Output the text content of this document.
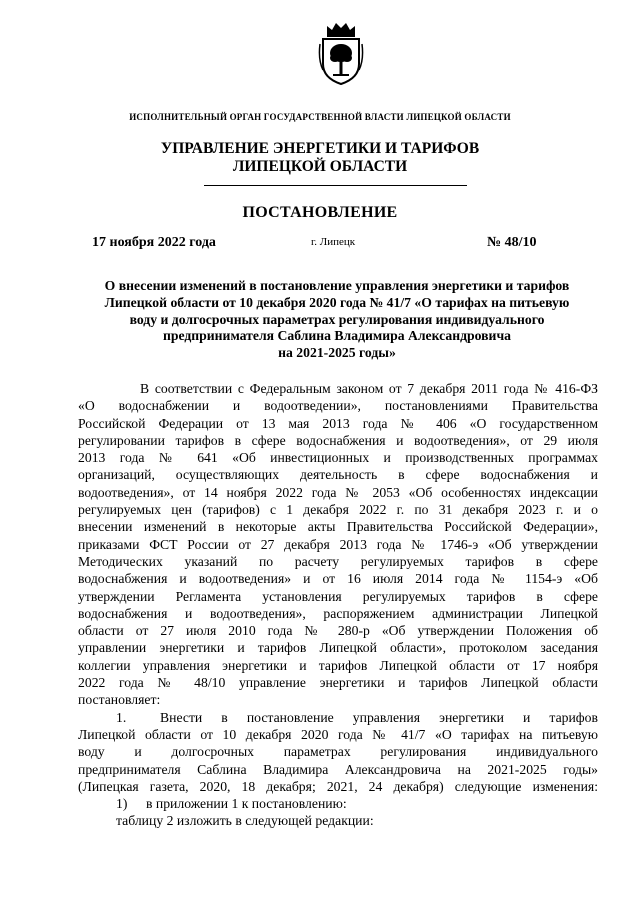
ИСПОЛНИТЕЛЬНЫЙ ОРГАН ГОСУДАРСТВЕННОЙ ВЛАСТИ ЛИПЕЦКОЙ ОБЛАСТИ
УПРАВЛЕНИЕ ЭНЕРГЕТИКИ И ТАРИФОВ
ЛИПЕЦКОЙ ОБЛАСТИ
ПОСТАНОВЛЕНИЕ
17 ноября 2022 года	г. Липецк	№ 48/10
О внесении изменений в постановление управления энергетики и тарифов
Липецкой области от 10 декабря 2020 года № 41/7 «О тарифах на питьевую
воду и долгосрочных параметрах регулирования индивидуального
предпринимателя Саблина Владимира Александровича
на 2021-2025 годы»
В соответствии с Федеральным законом от 7 декабря 2011 года № 416-ФЗ
«О водоснабжении и водоотведении», постановлениями Правительства
Российской Федерации от 13 мая 2013 года № 406 «О государственном
регулировании тарифов в сфере водоснабжения и водоотведения», от 29 июля
2013 года № 641 «Об инвестиционных и производственных программах
организаций, осуществляющих деятельность в сфере водоснабжения и
водоотведения», от 14 ноября 2022 года № 2053 «Об особенностях индексации
регулируемых цен (тарифов) с 1 декабря 2022 г. по 31 декабря 2023 г. и о
внесении изменений в некоторые акты Правительства Российской Федерации»,
приказами ФСТ России от 27 декабря 2013 года № 1746-э «Об утверждении
Методических указаний по расчету регулируемых тарифов в сфере
водоснабжения и водоотведения» и от 16 июля 2014 года № 1154-э «Об
утверждении Регламента установления регулируемых тарифов в сфере
водоснабжения и водоотведения», распоряжением администрации Липецкой
области от 27 июля 2010 года № 280-р «Об утверждении Положения об
управлении энергетики и тарифов Липецкой области», протоколом заседания
коллегии управления энергетики и тарифов Липецкой области от 17 ноября
2022 года № 48/10 управление энергетики и тарифов Липецкой области
постановляет:
1. Внести в постановление управления энергетики и тарифов
Липецкой области от 10 декабря 2020 года № 41/7 «О тарифах на питьевую
воду и долгосрочных параметрах регулирования индивидуального
предпринимателя Саблина Владимира Александровича на 2021-2025 годы»
(Липецкая газета, 2020, 18 декабря; 2021, 24 декабря) следующие изменения:
1) в приложении 1 к постановлению:
таблицу 2 изложить в следующей редакции:
